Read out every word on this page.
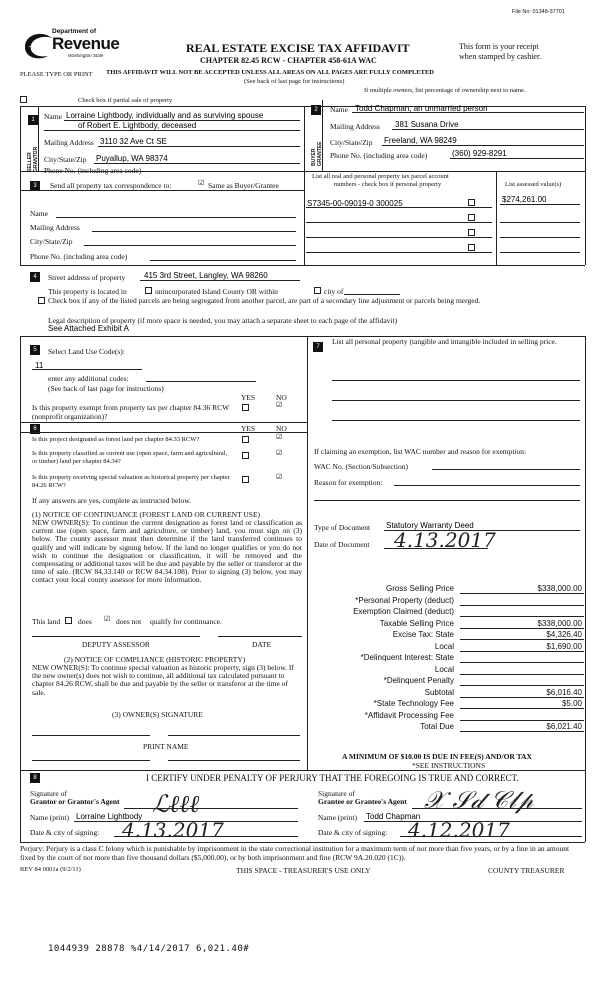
File No: 01348-37701
Department of
Revenue
Washington State
PLEASE TYPE OR PRINT
REAL ESTATE EXCISE TAX AFFIDAVIT
CHAPTER 82.45 RCW - CHAPTER 458-61A WAC
This form is your receipt
when stamped by cashier.
THIS AFFIDAVIT WILL NOT BE ACCEPTED UNLESS ALL AREAS ON ALL PAGES ARE FULLY COMPLETED
(See back of last page for instructions)
If multiple owners, list percentage of ownership next to name.
Check box if partial sale of property
1
SELLER GRANTOR
Name Lorraine Lightbody, individually and as surviving spouse
of Robert E. Lightbody, deceased
Mailing Address 3110 32 Ave Ct SE
City/State/Zip Puyallup, WA 98374
Phone No. (including area code)
2
BUYER GRANTEE
Name Todd Chapman, an unmarried person
Mailing Address 381 Susana Drive
City/State/Zip Freeland, WA 98249
Phone No. (including area code)	(360) 929-8291
3	Send all property tax correspondence to:	☑ Same as Buyer/Grantee
Name
Mailing Address
City/State/Zip
Phone No. (including area code)
List all real and personal property tax parcel account
numbers - check box if personal property	List assessed value(s)
S7345-00-09019-0 300025	$274,261.00
4	Street address of property 415 3rd Street, Langley, WA 98260
This property is located in	unincorporated Island County OR within	city of
Check box if any of the listed parcels are being segregated from another parcel, are part of a secondary line adjustment or parcels being merged.
Legal description of property (if more space is needed, you may attach a separate sheet to each page of the affidavit)
See Attached Exhibit A
5	Select Land Use Code(s):
11
enter any additional codes:
(See back of last page for instructions)
YES	NO
Is this property exempt from property tax per chapter 84.36 RCW (nonprofit organization)?
☑
6	YES	NO
Is this project designated as forest land per chapter 84.33 RCW?	☑
Is this property classified as current use (open space, farm and agricultural, or timber) land per chapter 84.34?
☑
Is this property receiving special valuation as historical property per chapter 84.26 RCW?
☑
If any answers are yes, complete as instructed below.
(1) NOTICE OF CONTINUANCE (FOREST LAND OR CURRENT USE)
NEW OWNER(S): To continue the current designation as forest land or classification as current use (open space, farm and agriculture, or timber) land, you must sign on (3) below. The county assessor must then determine if the land transferred continues to qualify and will indicate by signing below. If the land no longer qualifies or you do not wish to continue the designation or classification, it will be removed and the compensating or additional taxes will be due and payable by the seller or transferor at the time of sale. (RCW 84.33.140 or RCW 84.34.108). Prior to signing (3) below, you may contact your local county assessor for more information.
This land does ☑ does not qualify for continuance.
DEPUTY ASSESSOR	DATE
(2) NOTICE OF COMPLIANCE (HISTORIC PROPERTY)
NEW OWNER(S): To continue special valuation as historic property, sign (3) below. If the new owner(s) does not wish to continue, all additional tax calculated pursuant to chapter 84.26 RCW, shall be due and payable by the seller or transferor at the time of sale.
(3) OWNER(S) SIGNATURE
PRINT NAME
7
List all personal property (tangible and intangible included in selling price.
If claiming an exemption, list WAC number and reason for exemption:
WAC No. (Section/Subsection)
Reason for exemption:
Type of Document Statutory Warranty Deed
Date of Document 4.13.2017
Gross Selling Price	$338,000.00
*Personal Property (deduct)
Exemption Claimed (deduct)
Taxable Selling Price	$338,000.00
Excise Tax: State	$4,326.40
Local	$1,690.00
*Delinquent Interest: State
Local
*Delinquent Penalty
Subtotal	$6,016.40
*State Technology Fee	$5.00
*Affidavit Processing Fee
Total Due	$6,021.40
A MINIMUM OF $10.00 IS DUE IN FEE(S) AND/OR TAX
*SEE INSTRUCTIONS
8	I CERTIFY UNDER PENALTY OF PERJURY THAT THE FOREGOING IS TRUE AND CORRECT.
Signature of
Grantor or Grantor's Agent ℒℓℓℓ	Signature of
Grantee or Grantee's Agent 𝒳 𝒮𝒹 𝒞𝓁𝓅
Name (print) Lorraine Lightbody	Name (print) Todd Chapman
Date & city of signing: 4.13.2017	Date & city of signing: 4.12.2017
Perjury: Perjury is a class C felony which is punishable by imprisonment in the state correctional institution for a maximum term of not more than five years, or by a fine in an amount fixed by the court of not more than five thousand dollars ($5,000.00), or by both imprisonment and fine (RCW 9A.20.020 (1C)).
REV 84 0001a (9/2/11)	THIS SPACE - TREASURER'S USE ONLY	COUNTY TREASURER
1044939 28878 %4/14/2017 6,021.40#
